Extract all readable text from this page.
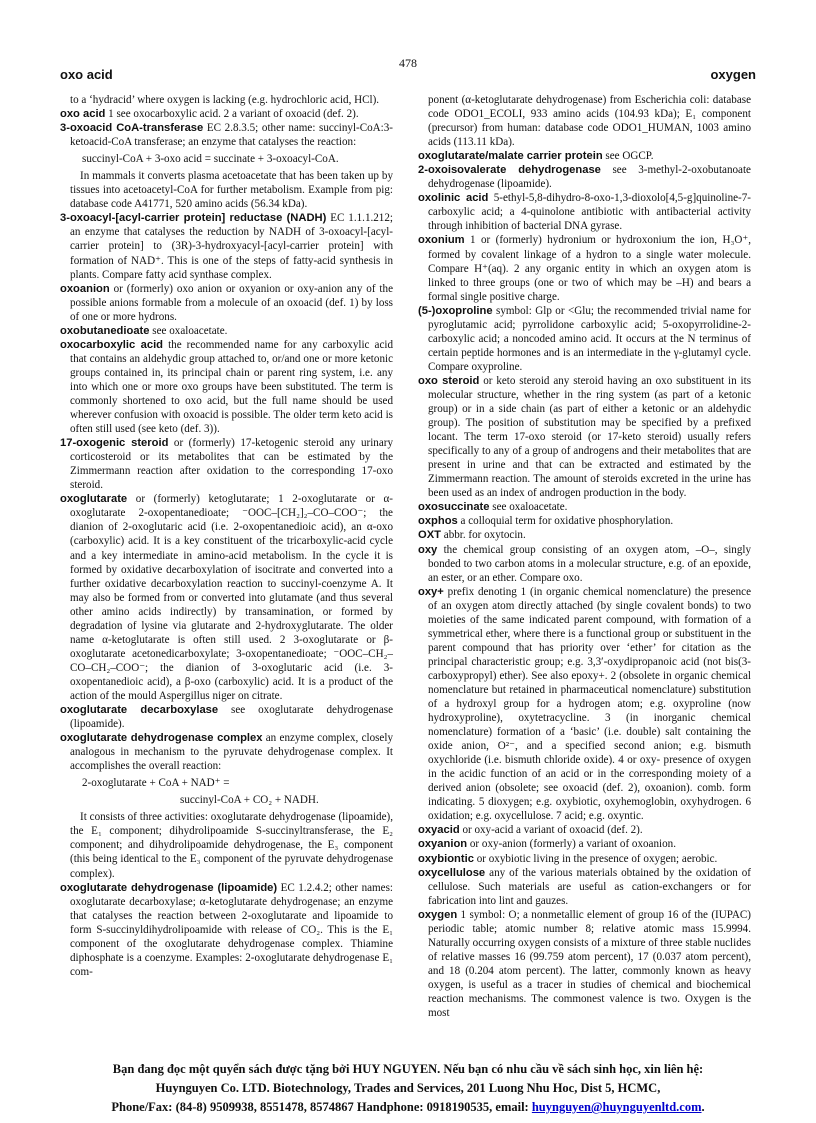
478
oxo acid	oxygen

to a ‘hydracid’ where oxygen is lacking (e.g. hydrochloric acid, HCl).

oxo acid 1 see oxocarboxylic acid. 2 a variant of oxoacid (def. 2).

3-oxoacid CoA-transferase EC 2.8.3.5; other name: succinyl-CoA:3-ketoacid-CoA transferase; an enzyme that catalyses the reaction:

succinyl-CoA + 3-oxo acid = succinate + 3-oxoacyl-CoA.

In mammals it converts plasma acetoacetate that has been taken up by tissues into acetoacetyl-CoA for further metabolism. Example from pig: database code A41771, 520 amino acids (56.34 kDa).

3-oxoacyl-[acyl-carrier protein] reductase (NADH) EC 1.1.1.212; an enzyme that catalyses the reduction by NADH of 3-oxoacyl-[acyl-carrier protein] to (3R)-3-hydroxyacyl-[acyl-carrier protein] with formation of NAD⁺. This is one of the steps of fatty-acid synthesis in plants. Compare fatty acid synthase complex.

oxoanion or (formerly) oxo anion or oxyanion or oxy-anion any of the possible anions formable from a molecule of an oxoacid (def. 1) by loss of one or more hydrons.

oxobutanedioate see oxaloacetate.

oxocarboxylic acid the recommended name for any carboxylic acid that contains an aldehydic group attached to, or/and one or more ketonic groups contained in, its principal chain or parent ring system, i.e. any into which one or more oxo groups have been substituted. The term is commonly shortened to oxo acid, but the full name should be used wherever confusion with oxoacid is possible. The older term keto acid is often still used (see keto (def. 3)).

17-oxogenic steroid or (formerly) 17-ketogenic steroid any urinary corticosteroid or its metabolites that can be estimated by the Zimmermann reaction after oxidation to the corresponding 17-oxo steroid.

oxoglutarate or (formerly) ketoglutarate; 1 2-oxoglutarate or α-oxoglutarate 2-oxopentanedioate; ⁻OOC–[CH₂]₂–CO–COO⁻; the dianion of 2-oxoglutaric acid (i.e. 2-oxopentanedioic acid), an α-oxo (carboxylic) acid. It is a key constituent of the tricarboxylic-acid cycle and a key intermediate in amino-acid metabolism. In the cycle it is formed by oxidative decarboxylation of isocitrate and converted into a further oxidative decarboxylation reaction to succinyl-coenzyme A. It may also be formed from or converted into glutamate (and thus several other amino acids indirectly) by transamination, or formed by degradation of lysine via glutarate and 2-hydroxyglutarate. The older name α-ketoglutarate is often still used. 2 3-oxoglutarate or β-oxoglutarate acetonedicarboxylate; 3-oxopentanedioate; ⁻OOC–CH₂–CO–CH₂–COO⁻; the dianion of 3-oxoglutaric acid (i.e. 3-oxopentanedioic acid), a β-oxo (carboxylic) acid. It is a product of the action of the mould Aspergillus niger on citrate.

oxoglutarate decarboxylase see oxoglutarate dehydrogenase (lipoamide).

oxoglutarate dehydrogenase complex an enzyme complex, closely analogous in mechanism to the pyruvate dehydrogenase complex. It accomplishes the overall reaction:

2-oxoglutarate + CoA + NAD⁺ =

succinyl-CoA + CO₂ + NADH.

It consists of three activities: oxoglutarate dehydrogenase (lipoamide), the E₁ component; dihydrolipoamide S-succinyltransferase, the E₂ component; and dihydrolipoamide dehydrogenase, the E₃ component (this being identical to the E₃ component of the pyruvate dehydrogenase complex).

oxoglutarate dehydrogenase (lipoamide) EC 1.2.4.2; other names: oxoglutarate decarboxylase; α-ketoglutarate dehydrogenase; an enzyme that catalyses the reaction between 2-oxoglutarate and lipoamide to form S-succinyldihydrolipoamide with release of CO₂. This is the E₁ component of the oxoglutarate dehydrogenase complex. Thiamine diphosphate is a coenzyme. Examples: 2-oxoglutarate dehydrogenase E₁ com-

ponent (α-ketoglutarate dehydrogenase) from Escherichia coli: database code ODO1_ECOLI, 933 amino acids (104.93 kDa); E₁ component (precursor) from human: database code ODO1_HUMAN, 1003 amino acids (113.11 kDa).

oxoglutarate/malate carrier protein see OGCP.

2-oxoisovalerate dehydrogenase see 3-methyl-2-oxobutanoate dehydrogenase (lipoamide).

oxolinic acid 5-ethyl-5,8-dihydro-8-oxo-1,3-dioxolo[4,5-g]quinoline-7-carboxylic acid; a 4-quinolone antibiotic with antibacterial activity through inhibition of bacterial DNA gyrase.

oxonium 1 or (formerly) hydronium or hydroxonium the ion, H₃O⁺, formed by covalent linkage of a hydron to a single water molecule. Compare H⁺(aq). 2 any organic entity in which an oxygen atom is linked to three groups (one or two of which may be –H) and bears a formal single positive charge.

(5-)oxoproline symbol: Glp or <Glu; the recommended trivial name for pyroglutamic acid; pyrrolidone carboxylic acid; 5-oxopyrrolidine-2-carboxylic acid; a noncoded amino acid. It occurs at the N terminus of certain peptide hormones and is an intermediate in the γ-glutamyl cycle. Compare oxyproline.

oxo steroid or keto steroid any steroid having an oxo substituent in its molecular structure, whether in the ring system (as part of a ketonic group) or in a side chain (as part of either a ketonic or an aldehydic group). The position of substitution may be specified by a prefixed locant. The term 17-oxo steroid (or 17-keto steroid) usually refers specifically to any of a group of androgens and their metabolites that are present in urine and that can be extracted and estimated by the Zimmermann reaction. The amount of steroids excreted in the urine has been used as an index of androgen production in the body.

oxosuccinate see oxaloacetate.

oxphos a colloquial term for oxidative phosphorylation.

OXT abbr. for oxytocin.

oxy the chemical group consisting of an oxygen atom, –O–, singly bonded to two carbon atoms in a molecular structure, e.g. of an epoxide, an ester, or an ether. Compare oxo.

oxy+ prefix denoting 1 (in organic chemical nomenclature) the presence of an oxygen atom directly attached (by single covalent bonds) to two moieties of the same indicated parent compound, with formation of a symmetrical ether, where there is a functional group or substituent in the parent compound that has priority over ‘ether’ for citation as the principal characteristic group; e.g. 3,3′-oxydipropanoic acid (not bis(3-carboxypropyl) ether). See also epoxy+. 2 (obsolete in organic chemical nomenclature but retained in pharmaceutical nomenclature) substitution of a hydroxyl group for a hydrogen atom; e.g. oxyproline (now hydroxyproline), oxytetracycline. 3 (in inorganic chemical nomenclature) formation of a ‘basic’ (i.e. double) salt containing the oxide anion, O²⁻, and a specified second anion; e.g. bismuth oxychloride (i.e. bismuth chloride oxide). 4 or oxy- presence of oxygen in the acidic function of an acid or in the corresponding moiety of a derived anion (obsolete; see oxoacid (def. 2), oxoanion). comb. form indicating. 5 dioxygen; e.g. oxybiotic, oxyhemoglobin, oxyhydrogen. 6 oxidation; e.g. oxycellulose. 7 acid; e.g. oxyntic.

oxyacid or oxy-acid a variant of oxoacid (def. 2).

oxyanion or oxy-anion (formerly) a variant of oxoanion.

oxybiontic or oxybiotic living in the presence of oxygen; aerobic.

oxycellulose any of the various materials obtained by the oxidation of cellulose. Such materials are useful as cation-exchangers or for fabrication into lint and gauzes.

oxygen 1 symbol: O; a nonmetallic element of group 16 of the (IUPAC) periodic table; atomic number 8; relative atomic mass 15.9994. Naturally occurring oxygen consists of a mixture of three stable nuclides of relative masses 16 (99.759 atom percent), 17 (0.037 atom percent), and 18 (0.204 atom percent). The latter, commonly known as heavy oxygen, is useful as a tracer in studies of chemical and biochemical reaction mechanisms. The commonest valence is two. Oxygen is the most

Bạn đang đọc một quyển sách được tặng bởi HUY NGUYEN. Nếu bạn có nhu cầu về sách sinh học, xin liên hệ:
Huynguyen Co. LTD. Biotechnology, Trades and Services, 201 Luong Nhu Hoc, Dist 5, HCMC,
Phone/Fax: (84-8) 9509938, 8551478, 8574867 Handphone: 0918190535, email: huynguyen@huynguyenltd.com.
